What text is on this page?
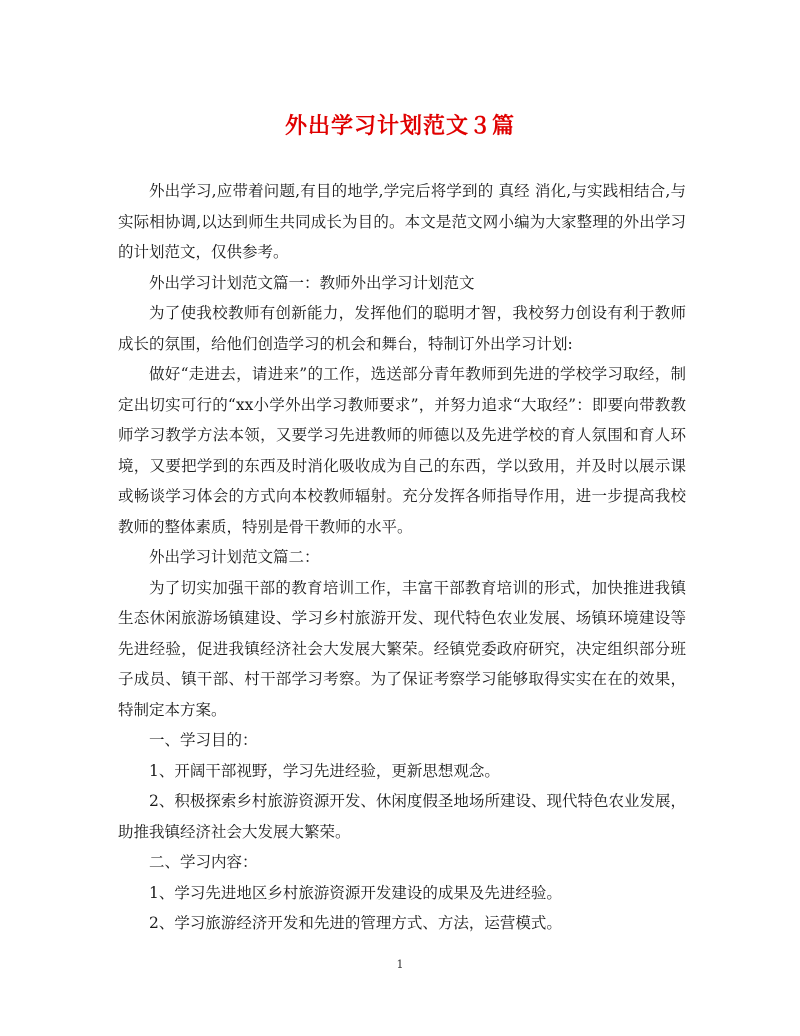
外出学习计划范文３篇

外出学习,应带着问题,有目的地学,学完后将学到的 真经 消化,与实践相结合,与实际相协调,以达到师生共同成长为目的。本文是范文网小编为大家整理的外出学习的计划范文，仅供参考。

外出学习计划范文篇一：教师外出学习计划范文

为了使我校教师有创新能力，发挥他们的聪明才智，我校努力创设有利于教师成长的氛围，给他们创造学习的机会和舞台，特制订外出学习计划:

做好“走进去，请进来”的工作，选送部分青年教师到先进的学校学习取经，制定出切实可行的“xx小学外出学习教师要求”，并努力追求“大取经”：即要向带教教师学习教学方法本领，又要学习先进教师的师德以及先进学校的育人氛围和育人环境，又要把学到的东西及时消化吸收成为自己的东西，学以致用，并及时以展示课或畅谈学习体会的方式向本校教师辐射。充分发挥各师指导作用，进一步提高我校教师的整体素质，特别是骨干教师的水平。

外出学习计划范文篇二：

为了切实加强干部的教育培训工作，丰富干部教育培训的形式，加快推进我镇生态休闲旅游场镇建设、学习乡村旅游开发、现代特色农业发展、场镇环境建设等先进经验，促进我镇经济社会大发展大繁荣。经镇党委政府研究，决定组织部分班子成员、镇干部、村干部学习考察。为了保证考察学习能够取得实实在在的效果，特制定本方案。

一、学习目的：

1、开阔干部视野，学习先进经验，更新思想观念。

2、积极探索乡村旅游资源开发、休闲度假圣地场所建设、现代特色农业发展，助推我镇经济社会大发展大繁荣。

二、学习内容：

1、学习先进地区乡村旅游资源开发建设的成果及先进经验。

2、学习旅游经济开发和先进的管理方式、方法，运营模式。

1
